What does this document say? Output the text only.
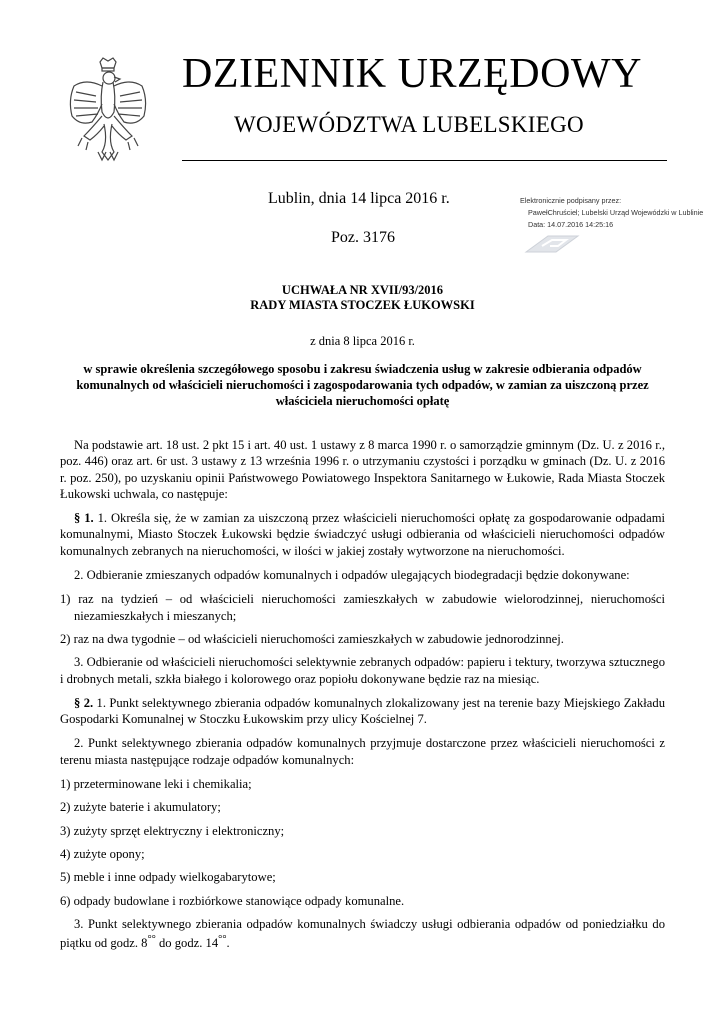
DZIENNIK URZĘDOWY
WOJEWÓDZTWA LUBELSKIEGO
Lublin, dnia 14 lipca 2016 r.
Poz. 3176
Elektronicznie podpisany przez:
PawełChruściel; Lubelski Urząd Wojewódzki w Lublinie
Data: 14.07.2016 14:25:16
UCHWAŁA NR XVII/93/2016
RADY MIASTA STOCZEK ŁUKOWSKI
z dnia 8 lipca 2016 r.
w sprawie określenia szczegółowego sposobu i zakresu świadczenia usług w zakresie odbierania odpadów komunalnych od właścicieli nieruchomości i zagospodarowania tych odpadów, w zamian za uiszczoną przez właściciela nieruchomości opłatę

Na podstawie art. 18 ust. 2 pkt 15 i art. 40 ust. 1 ustawy z 8 marca 1990 r. o samorządzie gminnym (Dz. U. z 2016 r., poz. 446) oraz art. 6r ust. 3 ustawy z 13 września 1996 r. o utrzymaniu czystości i porządku w gminach (Dz. U. z 2016 r. poz. 250), po uzyskaniu opinii Państwowego Powiatowego Inspektora Sanitarnego w Łukowie, Rada Miasta Stoczek Łukowski uchwala, co następuje:

§ 1. 1. Określa się, że w zamian za uiszczoną przez właścicieli nieruchomości opłatę za gospodarowanie odpadami komunalnymi, Miasto Stoczek Łukowski będzie świadczyć usługi odbierania od właścicieli nieruchomości odpadów komunalnych zebranych na nieruchomości, w ilości w jakiej zostały wytworzone na nieruchomości.

2. Odbieranie zmieszanych odpadów komunalnych i odpadów ulegających biodegradacji będzie dokonywane:

1) raz na tydzień – od właścicieli nieruchomości zamieszkałych w zabudowie wielorodzinnej, nieruchomości niezamieszkałych i mieszanych;

2) raz na dwa tygodnie – od właścicieli nieruchomości zamieszkałych w zabudowie jednorodzinnej.

3. Odbieranie od właścicieli nieruchomości selektywnie zebranych odpadów: papieru i tektury, tworzywa sztucznego i drobnych metali, szkła białego i kolorowego oraz popiołu dokonywane będzie raz na miesiąc.

§ 2. 1. Punkt selektywnego zbierania odpadów komunalnych zlokalizowany jest na terenie bazy Miejskiego Zakładu Gospodarki Komunalnej w Stoczku Łukowskim przy ulicy Kościelnej 7.

2. Punkt selektywnego zbierania odpadów komunalnych przyjmuje dostarczone przez właścicieli nieruchomości z terenu miasta następujące rodzaje odpadów komunalnych:

1) przeterminowane leki i chemikalia;

2) zużyte baterie i akumulatory;

3) zużyty sprzęt elektryczny i elektroniczny;

4) zużyte opony;

5) meble i inne odpady wielkogabarytowe;

6) odpady budowlane i rozbiórkowe stanowiące odpady komunalne.

3. Punkt selektywnego zbierania odpadów komunalnych świadczy usługi odbierania odpadów od poniedziałku do piątku od godz. 8°° do godz. 14°°.
